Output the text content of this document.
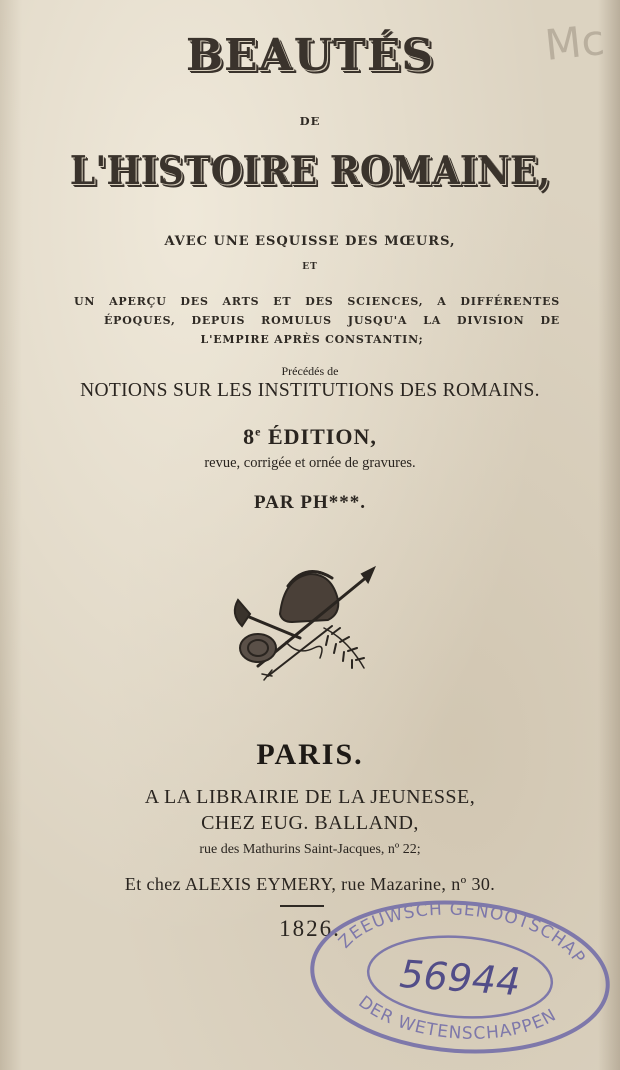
Mc
BEAUTÉS
DE
L'HISTOIRE ROMAINE,
AVEC UNE ESQUISSE DES MŒURS,
ET
UN APERÇU DES ARTS ET DES SCIENCES, A DIFFÉRENTES
ÉPOQUES, DEPUIS ROMULUS JUSQU'A LA DIVISION DE
L'EMPIRE APRÈS CONSTANTIN;
Précédés de
NOTIONS SUR LES INSTITUTIONS DES ROMAINS.
8e ÉDITION,
revue, corrigée et ornée de gravures.
PAR PH***.
PARIS.
A LA LIBRAIRIE DE LA JEUNESSE,
CHEZ EUG. BALLAND,
rue des Mathurins Saint-Jacques, nº 22;
Et chez ALEXIS EYMERY, rue Mazarine, nº 30.
1826.
ZEEUWSCH GENOOTSCHAP
DER WETENSCHAPPEN
56944
